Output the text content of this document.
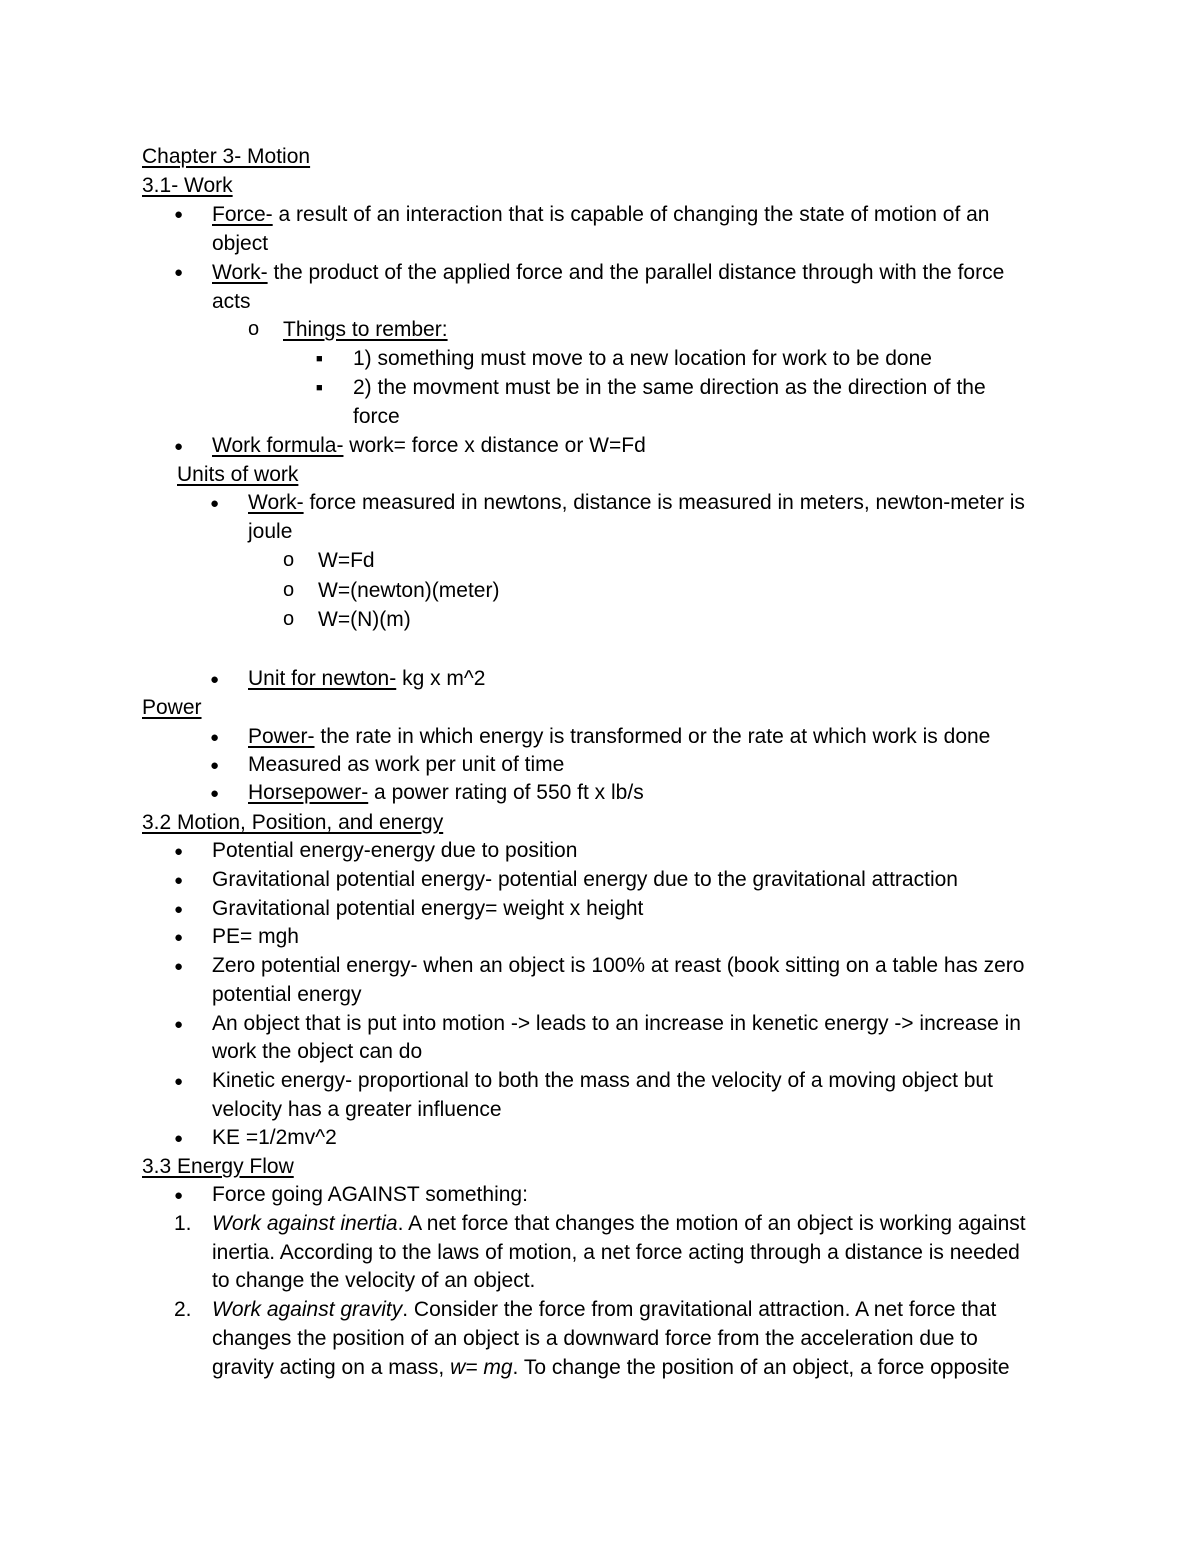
Chapter 3- Motion
3.1- Work
● Force- a result of an interaction that is capable of changing the state of motion of an
object
● Work- the product of the applied force and the parallel distance through with the force
acts
o Things to rember:
■ 1) something must move to a new location for work to be done
■ 2) the movment must be in the same direction as the direction of the
force
● Work formula- work= force x distance or W=Fd
Units of work
● Work- force measured in newtons, distance is measured in meters, newton-meter is
joule
o W=Fd
o W=(newton)(meter)
o W=(N)(m)
● Unit for newton- kg x m^2
Power
● Power- the rate in which energy is transformed or the rate at which work is done
● Measured as work per unit of time
● Horsepower- a power rating of 550 ft x lb/s
3.2 Motion, Position, and energy
● Potential energy-energy due to position
● Gravitational potential energy- potential energy due to the gravitational attraction
● Gravitational potential energy= weight x height
● PE= mgh
● Zero potential energy- when an object is 100% at reast (book sitting on a table has zero
potential energy
● An object that is put into motion -> leads to an increase in kenetic energy -> increase in
work the object can do
● Kinetic energy- proportional to both the mass and the velocity of a moving object but
velocity has a greater influence
● KE =1/2mv^2
3.3 Energy Flow
● Force going AGAINST something:
1. Work against inertia. A net force that changes the motion of an object is working against
inertia. According to the laws of motion, a net force acting through a distance is needed
to change the velocity of an object.
2. Work against gravity. Consider the force from gravitational attraction. A net force that
changes the position of an object is a downward force from the acceleration due to
gravity acting on a mass, w= mg. To change the position of an object, a force opposite
